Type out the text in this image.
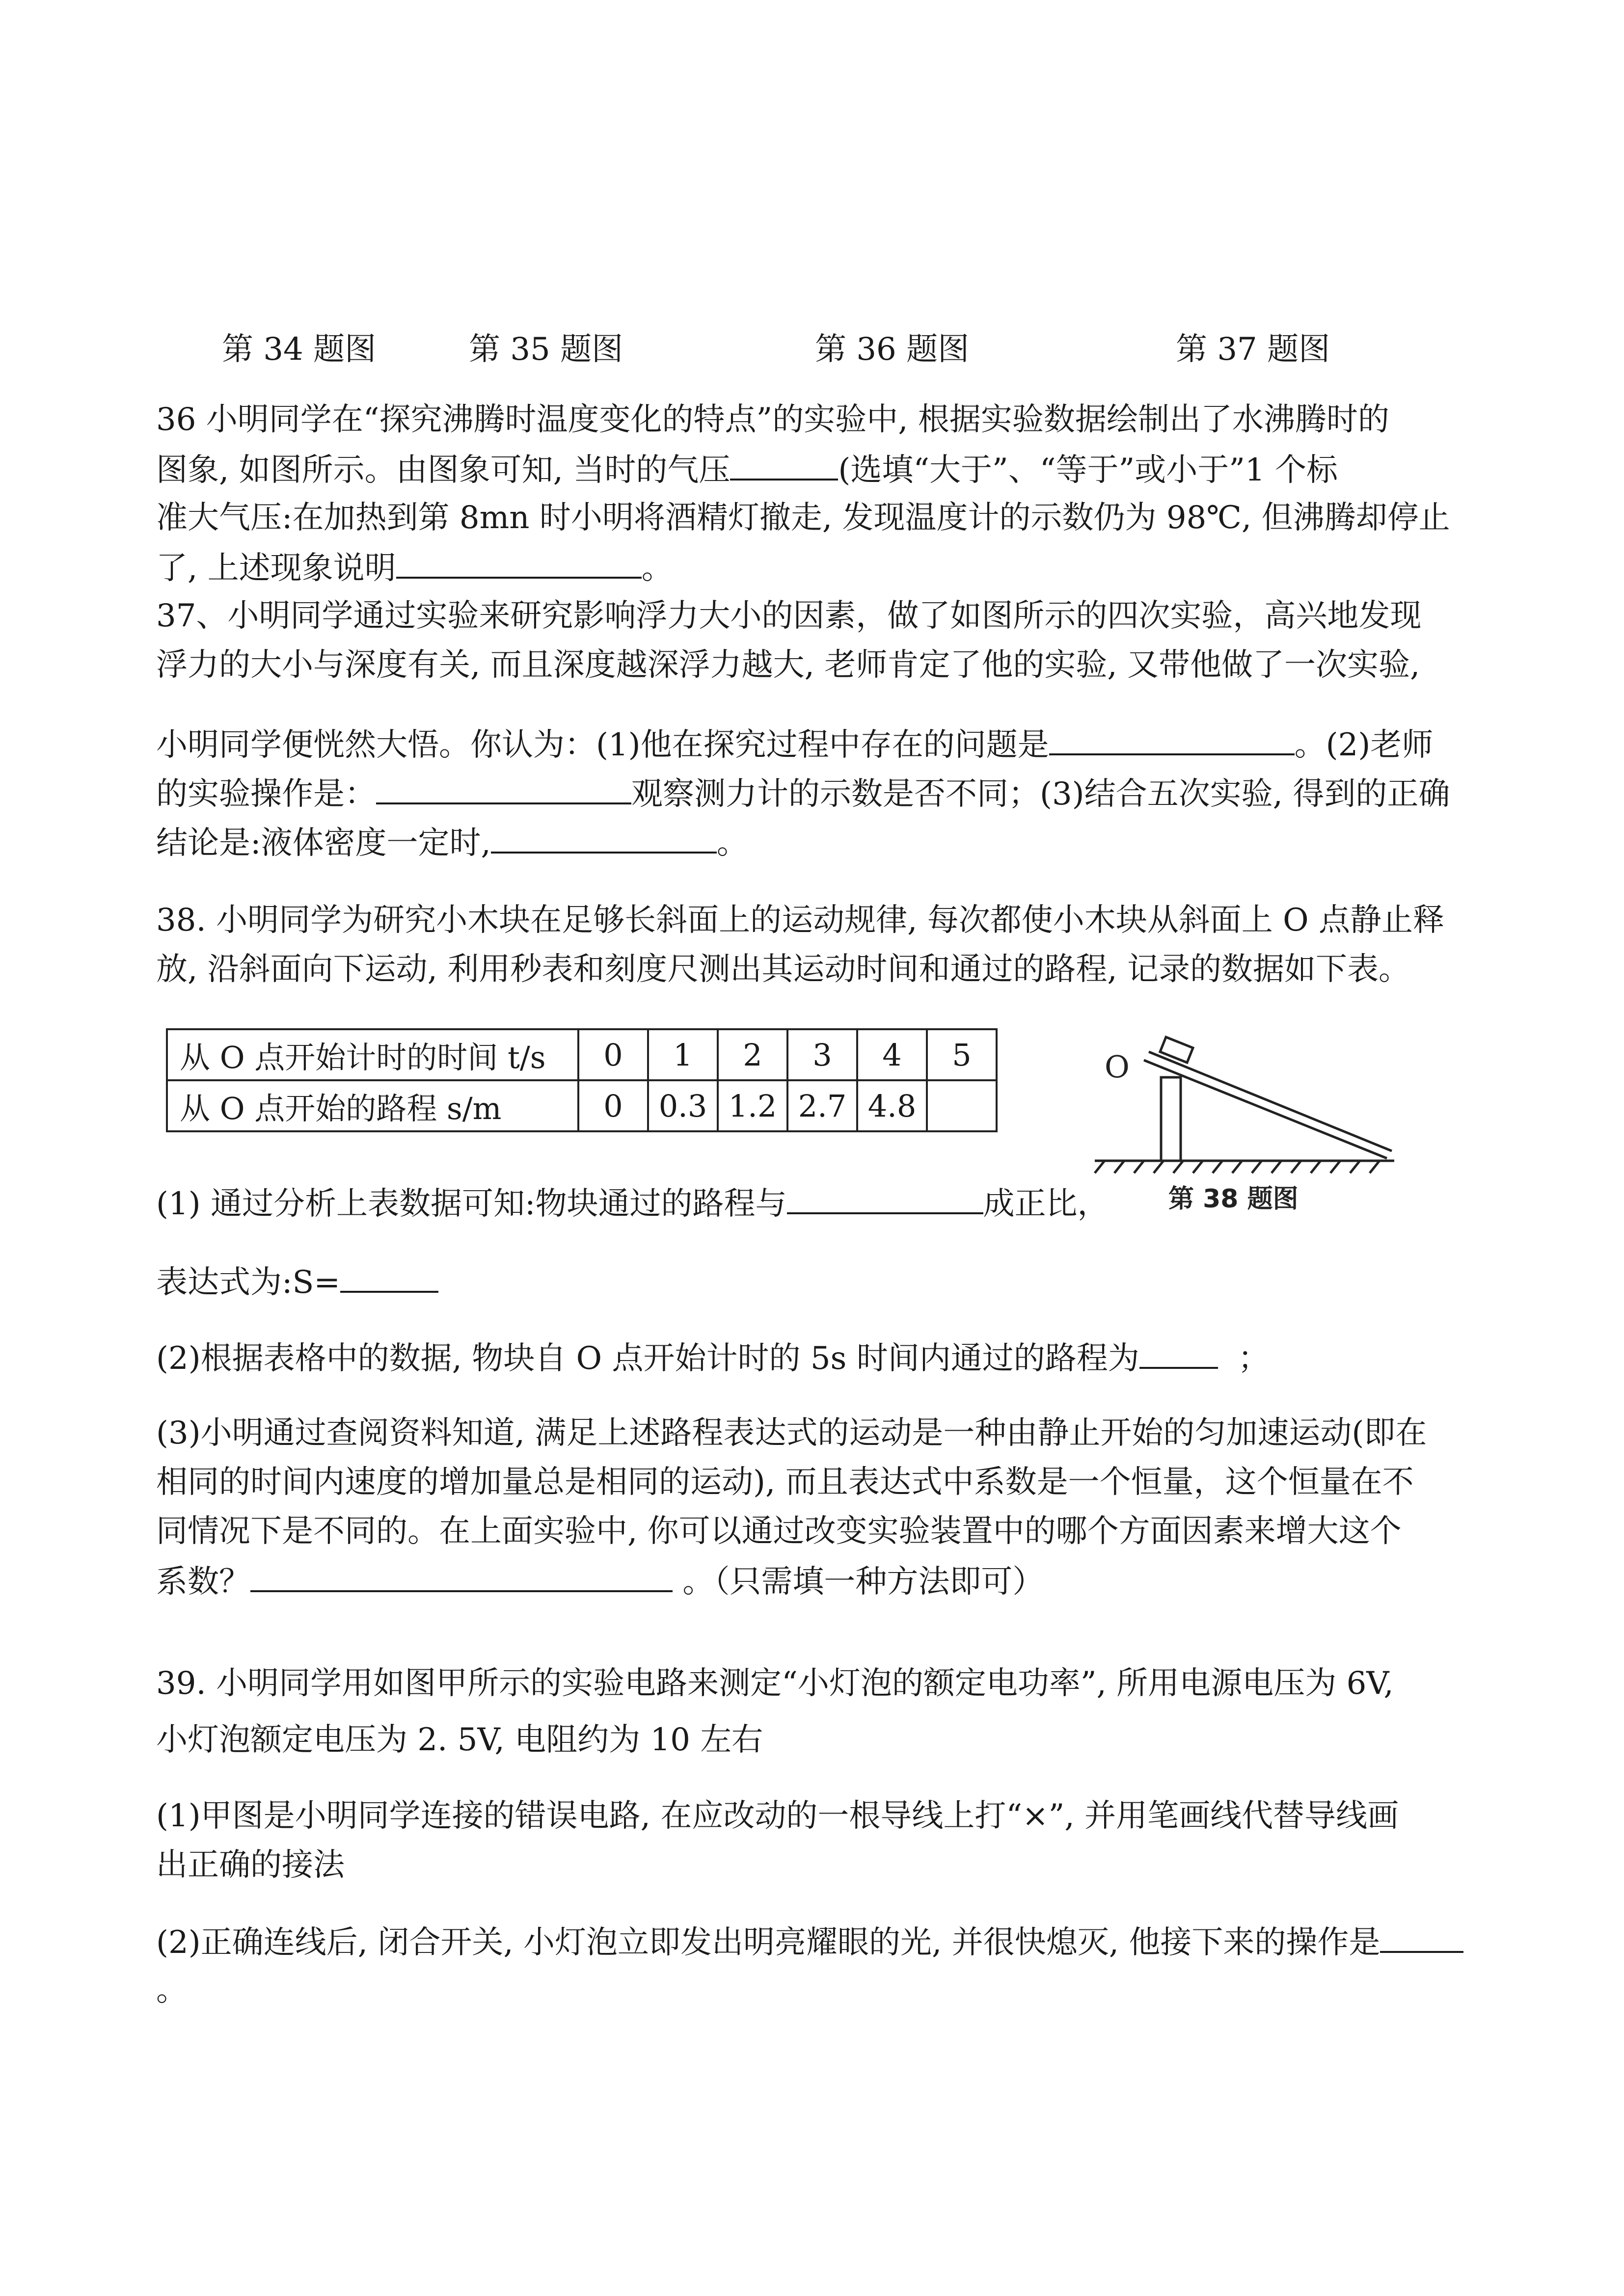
第 34 题图	第 35 题图	第 36 题图	第 37 题图
36 小明同学在“探究沸腾时温度变化的特点”的实验中, 根据实验数据绘制出了水沸腾时的
图象, 如图所示。由图象可知, 当时的气压	(选填“大于”、“等于”或小于”1 个标
准大气压:在加热到第 8mn 时小明将酒精灯撤走, 发现温度计的示数仍为 98℃, 但沸腾却停止
了, 上述现象说明	。
37、小明同学通过实验来研究影响浮力大小的因素，做了如图所示的四次实验，高兴地发现
浮力的大小与深度有关, 而且深度越深浮力越大, 老师肯定了他的实验, 又带他做了一次实验,
小明同学便恍然大悟。你认为：(1)他在探究过程中存在的问题是	。(2)老师
的实验操作是：	观察测力计的示数是否不同；(3)结合五次实验, 得到的正确
结论是:液体密度一定时,	。
38. 小明同学为研究小木块在足够长斜面上的运动规律, 每次都使小木块从斜面上 O 点静止释
放, 沿斜面向下运动, 利用秒表和刻度尺测出其运动时间和通过的路程, 记录的数据如下表。
从 O 点开始计时的时间 t/s	0	1	2	3	4	5
从 O 点开始的路程 s/m	0	0.3	1.2	2.7	4.8	
O
第 38 题图
(1) 通过分析上表数据可知:物块通过的路程与	成正比，
表达式为:S=
(2)根据表格中的数据, 物块自 O 点开始计时的 5s 时间内通过的路程为	；
(3)小明通过查阅资料知道, 满足上述路程表达式的运动是一种由静止开始的匀加速运动(即在
相同的时间内速度的增加量总是相同的运动), 而且表达式中系数是一个恒量，这个恒量在不
同情况下是不同的。在上面实验中, 你可以通过改变实验装置中的哪个方面因素来增大这个
系数？	。（只需填一种方法即可）
39. 小明同学用如图甲所示的实验电路来测定“小灯泡的额定电功率”, 所用电源电压为 6V,
小灯泡额定电压为 2. 5V, 电阻约为 10 左右
(1)甲图是小明同学连接的错误电路, 在应改动的一根导线上打“×”, 并用笔画线代替导线画
出正确的接法
(2)正确连线后, 闭合开关, 小灯泡立即发出明亮耀眼的光, 并很快熄灭, 他接下来的操作是
。
